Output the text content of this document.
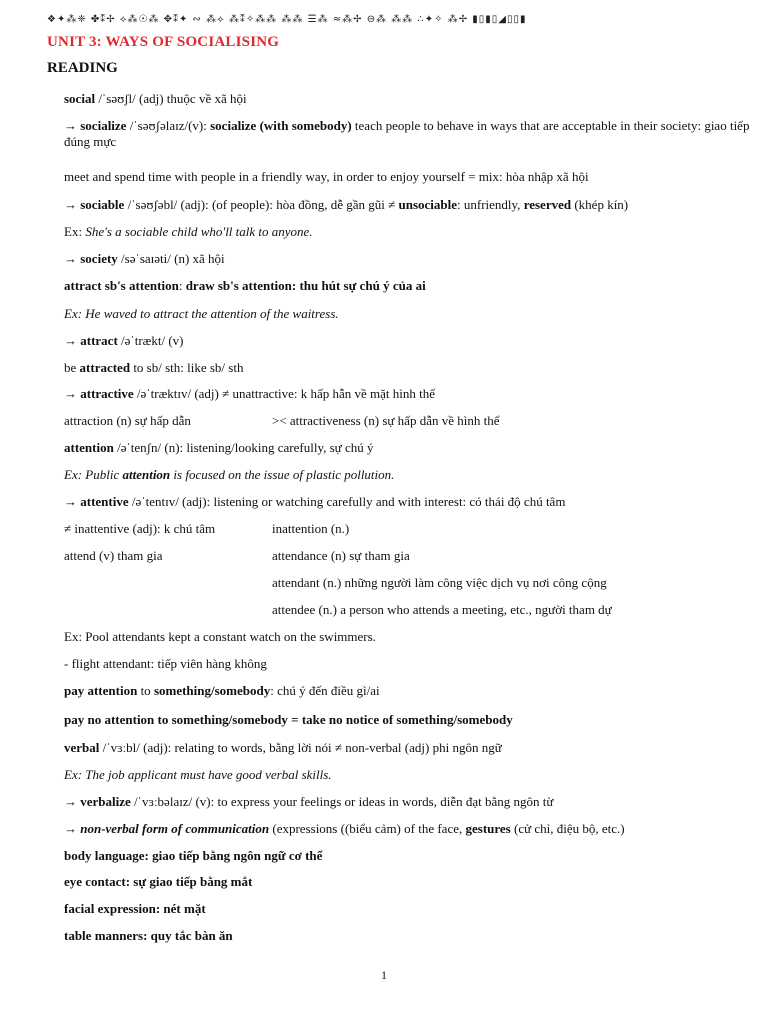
❖✦⁂❈ ✤⁑✢ ⟡⁂☉⁂ ✥⁑✦ ∾ ⁂⟡ ⁂⁑✧⁂⁂ ⁂⁂ ☰⁂ ≈⁂✢ ⊖⁂ ⁂⁂ ∴✦✧ ⁂✢ ▮▯▮▯◢▯▯▮
UNIT 3: WAYS OF SOCIALISING
READING
social /ˈsəʊʃl/ (adj) thuộc về xã hội
→ socialize /ˈsəʊʃəlaɪz/(v): socialize (with somebody) teach people to behave in ways that are acceptable in their society: giao tiếp đúng mực
meet and spend time with people in a friendly way, in order to enjoy yourself = mix: hòa nhập xã hội
→ sociable /ˈsəʊʃəbl/ (adj): (of people): hòa đồng, dễ gần gũi ≠ unsociable: unfriendly, reserved (khép kín)
Ex: She's a sociable child who'll talk to anyone.
→ society /səˈsaɪəti/ (n) xã hội
attract sb's attention: draw sb's attention: thu hút sự chú ý của ai
Ex: He waved to attract the attention of the waitress.
→ attract /əˈtrækt/ (v)
be attracted to sb/ sth: like sb/ sth
→ attractive /əˈtræktɪv/ (adj) ≠ unattractive: k hấp hẫn về mặt hình thể
attraction (n) sự hấp dẫn	>< attractiveness (n) sự hấp dẫn về hình thể
attention /əˈtenʃn/ (n): listening/looking carefully, sự chú ý
Ex: Public attention is focused on the issue of plastic pollution.
→ attentive /əˈtentɪv/ (adj): listening or watching carefully and with interest: có thái độ chú tâm
≠ inattentive (adj): k chú tâm	inattention (n.)
attend (v) tham gia	attendance (n) sự tham gia
attendant (n.) những người làm công việc dịch vụ nơi công cộng
attendee (n.) a person who attends a meeting, etc., người tham dự
Ex: Pool attendants kept a constant watch on the swimmers.
- flight attendant: tiếp viên hàng không
pay attention to something/somebody: chú ý đến điều gì/ai
pay no attention to something/somebody = take no notice of something/somebody
verbal /ˈvɜːbl/ (adj): relating to words, bằng lời nói ≠ non-verbal (adj) phi ngôn ngữ
Ex: The job applicant must have good verbal skills.
→ verbalize /ˈvɜːbəlaɪz/ (v): to express your feelings or ideas in words, diễn đạt bằng ngôn từ
→ non-verbal form of communication (expressions ((biểu cảm) of the face, gestures (cử chỉ, điệu bộ, etc.)
body language: giao tiếp bằng ngôn ngữ cơ thể
eye contact: sự giao tiếp bằng mắt
facial expression: nét mặt
table manners: quy tắc bàn ăn
1
